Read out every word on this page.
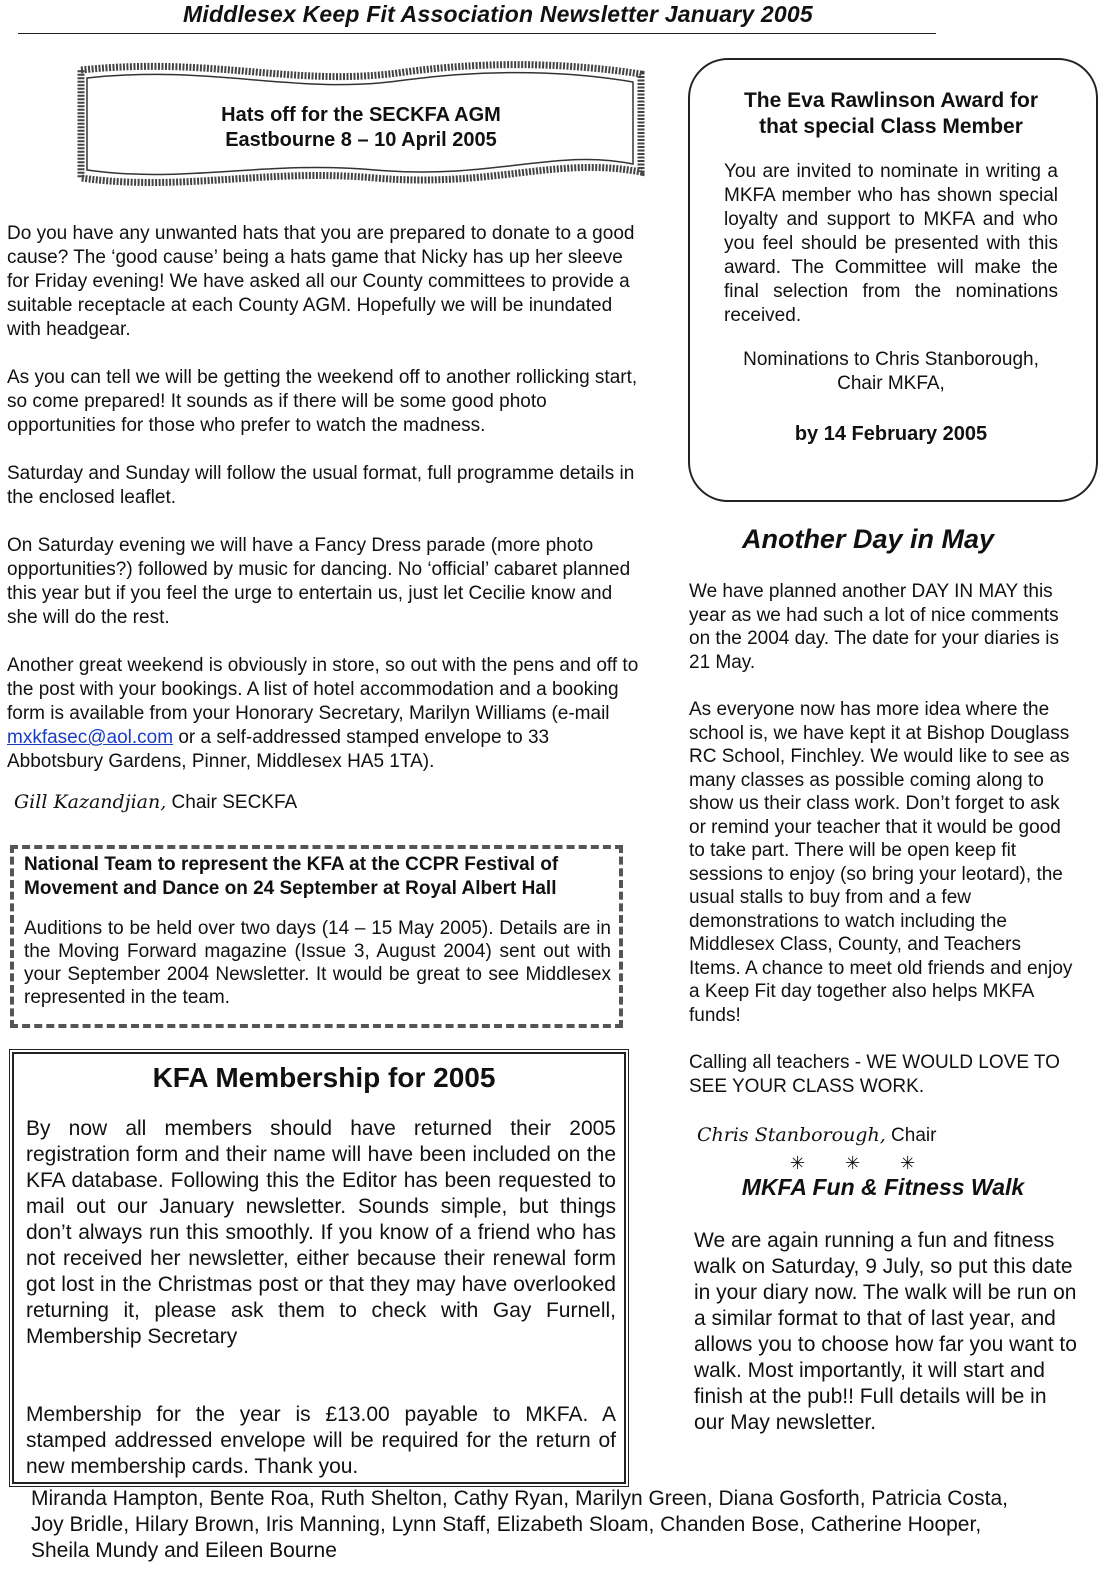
Middlesex Keep Fit Association Newsletter January 2005
Hats off for the SECKFA AGM
Eastbourne 8 – 10 April 2005

Do you have any unwanted hats that you are prepared to donate to a good cause? The ‘good cause’ being a hats game that Nicky has up her sleeve for Friday evening! We have asked all our County committees to provide a suitable receptacle at each County AGM. Hopefully we will be inundated with headgear.

As you can tell we will be getting the weekend off to another rollicking start, so come prepared! It sounds as if there will be some good photo opportunities for those who prefer to watch the madness.

Saturday and Sunday will follow the usual format, full programme details in the enclosed leaflet.

On Saturday evening we will have a Fancy Dress parade (more photo opportunities?) followed by music for dancing. No ‘official’ cabaret planned this year but if you feel the urge to entertain us, just let Cecilie know and she will do the rest.

Another great weekend is obviously in store, so out with the pens and off to the post with your bookings. A list of hotel accommodation and a booking form is available from your Honorary Secretary, Marilyn Williams (e-mail mxkfasec@aol.com or a self-addressed stamped envelope to 33 Abbotsbury Gardens, Pinner, Middlesex HA5 1TA).

Gill Kazandjian, Chair SECKFA
National Team to represent the KFA at the CCPR Festival of Movement and Dance on 24 September at Royal Albert Hall
Auditions to be held over two days (14 – 15 May 2005). Details are in the Moving Forward magazine (Issue 3, August 2004) sent out with your September 2004 Newsletter. It would be great to see Middlesex represented in the team.
KFA Membership for 2005
By now all members should have returned their 2005 registration form and their name will have been included on the KFA database. Following this the Editor has been requested to mail out our January newsletter. Sounds simple, but things don’t always run this smoothly. If you know of a friend who has not received her newsletter, either because their renewal form got lost in the Christmas post or that they may have overlooked returning it, please ask them to check with Gay Furnell, Membership Secretary
Membership for the year is £13.00 payable to MKFA. A stamped addressed envelope will be required for the return of new membership cards. Thank you.
The Eva Rawlinson Award for that special Class Member
You are invited to nominate in writing a MKFA member who has shown special loyalty and support to MKFA and who you feel should be presented with this award. The Committee will make the final selection from the nominations received.
Nominations to Chris Stanborough, Chair MKFA,
by 14 February 2005
Another Day in May

We have planned another DAY IN MAY this year as we had such a lot of nice comments on the 2004 day. The date for your diaries is 21 May.

As everyone now has more idea where the school is, we have kept it at Bishop Douglass RC School, Finchley. We would like to see as many classes as possible coming along to show us their class work. Don’t forget to ask or remind your teacher that it would be good to take part. There will be open keep fit sessions to enjoy (so bring your leotard), the usual stalls to buy from and a few demonstrations to watch including the Middlesex Class, County, and Teachers Items. A chance to meet old friends and enjoy a Keep Fit day together also helps MKFA funds!

Calling all teachers - WE WOULD LOVE TO SEE YOUR CLASS WORK.

Chris Stanborough, Chair
✳        ✳        ✳
MKFA Fun & Fitness Walk
We are again running a fun and fitness walk on Saturday, 9 July, so put this date in your diary now. The walk will be run on a similar format to that of last year, and allows you to choose how far you want to walk. Most importantly, it will start and finish at the pub!! Full details will be in our May newsletter.
Miranda Hampton, Bente Roa, Ruth Shelton, Cathy Ryan, Marilyn Green, Diana Gosforth, Patricia Costa, Joy Bridle, Hilary Brown, Iris Manning, Lynn Staff, Elizabeth Sloam, Chanden Bose, Catherine Hooper, Sheila Mundy and Eileen Bourne
